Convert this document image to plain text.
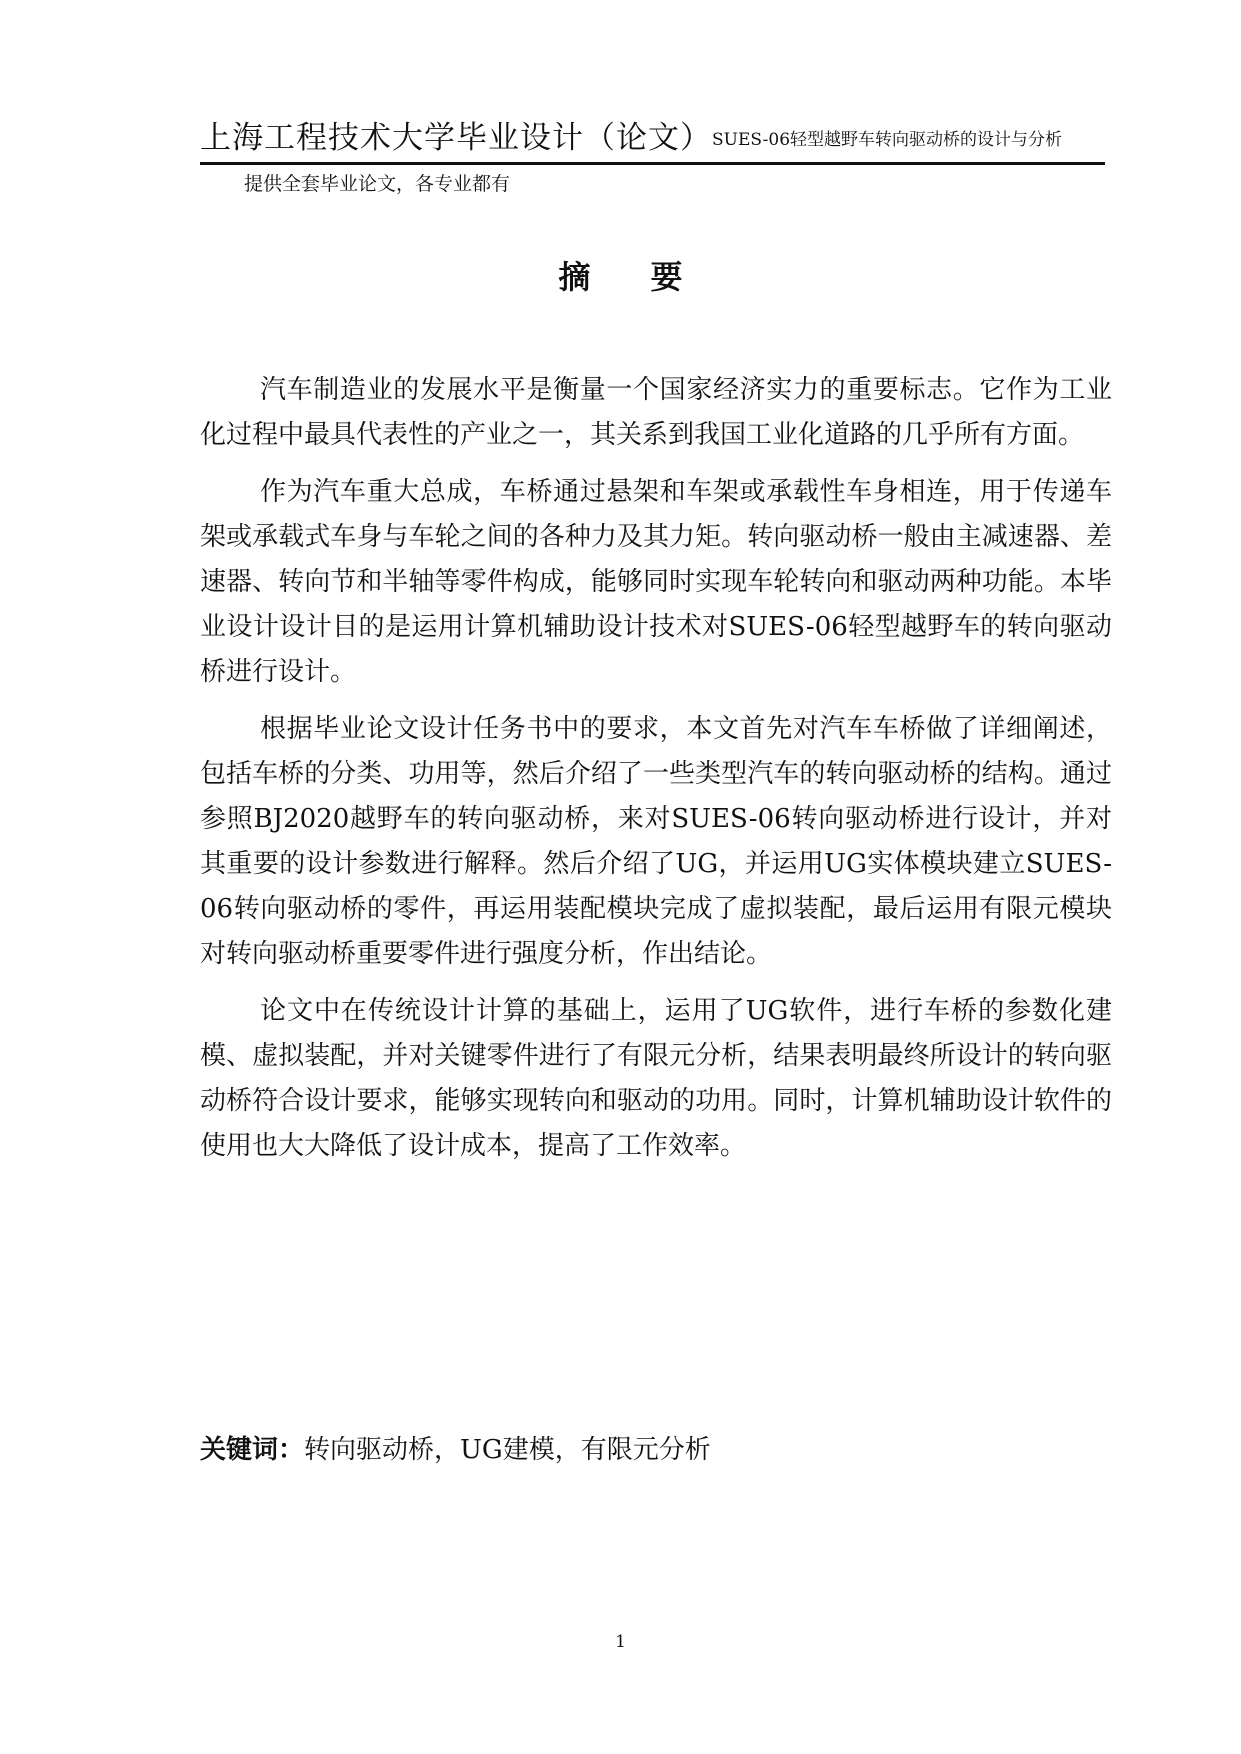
上海工程技术大学毕业设计（论文）SUES-06轻型越野车转向驱动桥的设计与分析
提供全套毕业论文，各专业都有
摘要

汽车制造业的发展水平是衡量一个国家经济实力的重要标志。它作为工业化过程中最具代表性的产业之一，其关系到我国工业化道路的几乎所有方面。

作为汽车重大总成，车桥通过悬架和车架或承载性车身相连，用于传递车架或承载式车身与车轮之间的各种力及其力矩。转向驱动桥一般由主减速器、差速器、转向节和半轴等零件构成，能够同时实现车轮转向和驱动两种功能。本毕业设计设计目的是运用计算机辅助设计技术对SUES-06轻型越野车的转向驱动桥进行设计。

根据毕业论文设计任务书中的要求，本文首先对汽车车桥做了详细阐述，包括车桥的分类、功用等，然后介绍了一些类型汽车的转向驱动桥的结构。通过参照BJ2020越野车的转向驱动桥，来对SUES-06转向驱动桥进行设计，并对其重要的设计参数进行解释。然后介绍了UG，并运用UG实体模块建立SUES-06转向驱动桥的零件，再运用装配模块完成了虚拟装配，最后运用有限元模块对转向驱动桥重要零件进行强度分析，作出结论。

论文中在传统设计计算的基础上，运用了UG软件，进行车桥的参数化建模、虚拟装配，并对关键零件进行了有限元分析，结果表明最终所设计的转向驱动桥符合设计要求，能够实现转向和驱动的功用。同时，计算机辅助设计软件的使用也大大降低了设计成本，提高了工作效率。

关键词：转向驱动桥，UG建模，有限元分析
1
